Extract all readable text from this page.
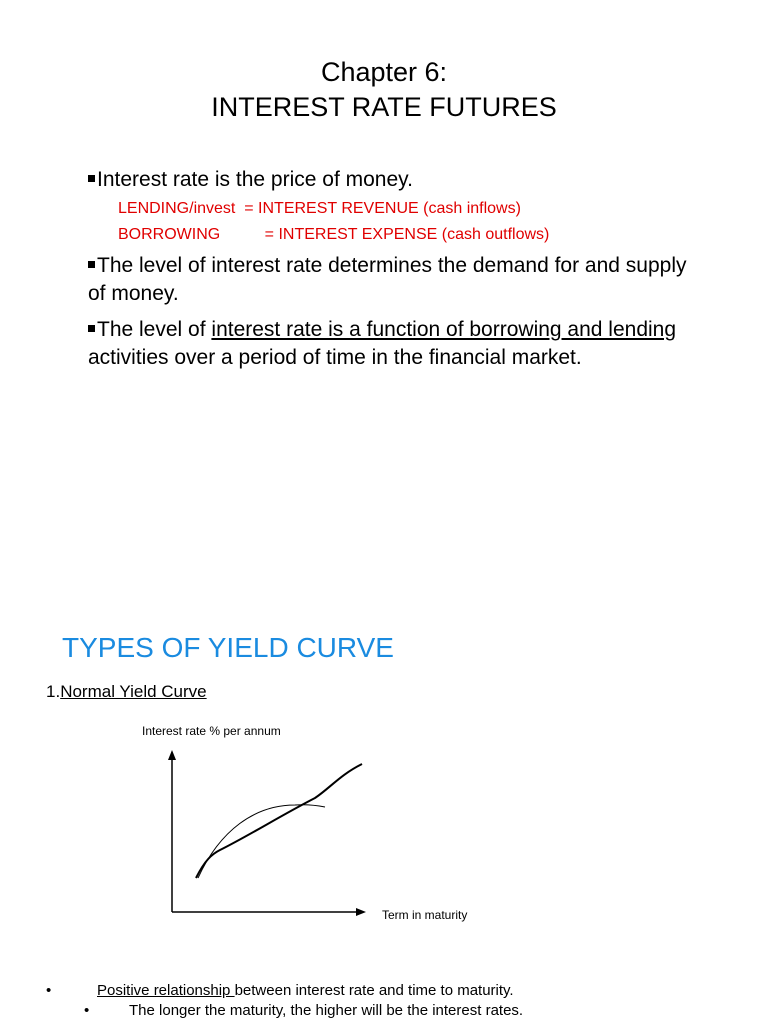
Chapter 6:
INTEREST RATE FUTURES
Interest rate is the price of money.
LENDING/invest  = INTEREST REVENUE (cash inflows)
BORROWING          = INTEREST EXPENSE (cash outflows)
The level of interest rate determines the demand for and supply of money.
The level of interest rate is a function of borrowing and lending activities over a period of time in the financial market.
TYPES OF YIELD CURVE
1.Normal Yield Curve
Interest rate % per annum
Term in maturity
•	Positive relationship between interest rate and time to maturity.
•	The longer the maturity, the higher will be the interest rates.
